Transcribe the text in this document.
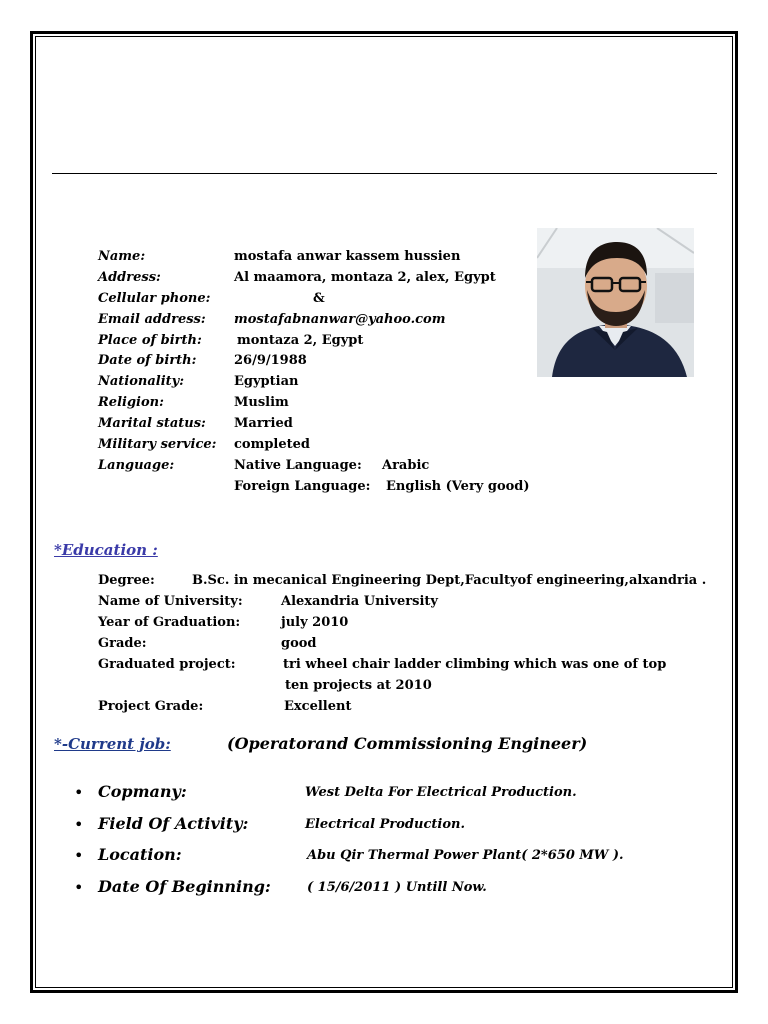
Name:	mostafa anwar kassem hussien
Address:	Al maamora, montaza 2, alex, Egypt
Cellular phone:	&
Email address: mostafabnanwar@yahoo.com
Place of birth:	montaza 2, Egypt
Date of birth:	26/9/1988
Nationality:	Egyptian
Religion:	Muslim
Marital status: Married
Military service: completed
Language:	Native Language: Arabic
Foreign Language: English (Very good)
*Education :
Degree:	B.Sc. in mecanical Engineering Dept,Facultyof engineering,alxandria .
Name of University:	Alexandria University
Year of Graduation:	july 2010
Grade:	good
Graduated project:	tri wheel chair ladder climbing which was one of top
ten projects at 2010
Project Grade:	Excellent
*-Current job:	(Operatorand Commissioning Engineer)
• Copmany:	West Delta For Electrical Production.
• Field Of Activity:	Electrical Production.
• Location:	Abu Qir Thermal Power Plant( 2*650 MW ).
• Date Of Beginning:	( 15/6/2011 ) Untill Now.
